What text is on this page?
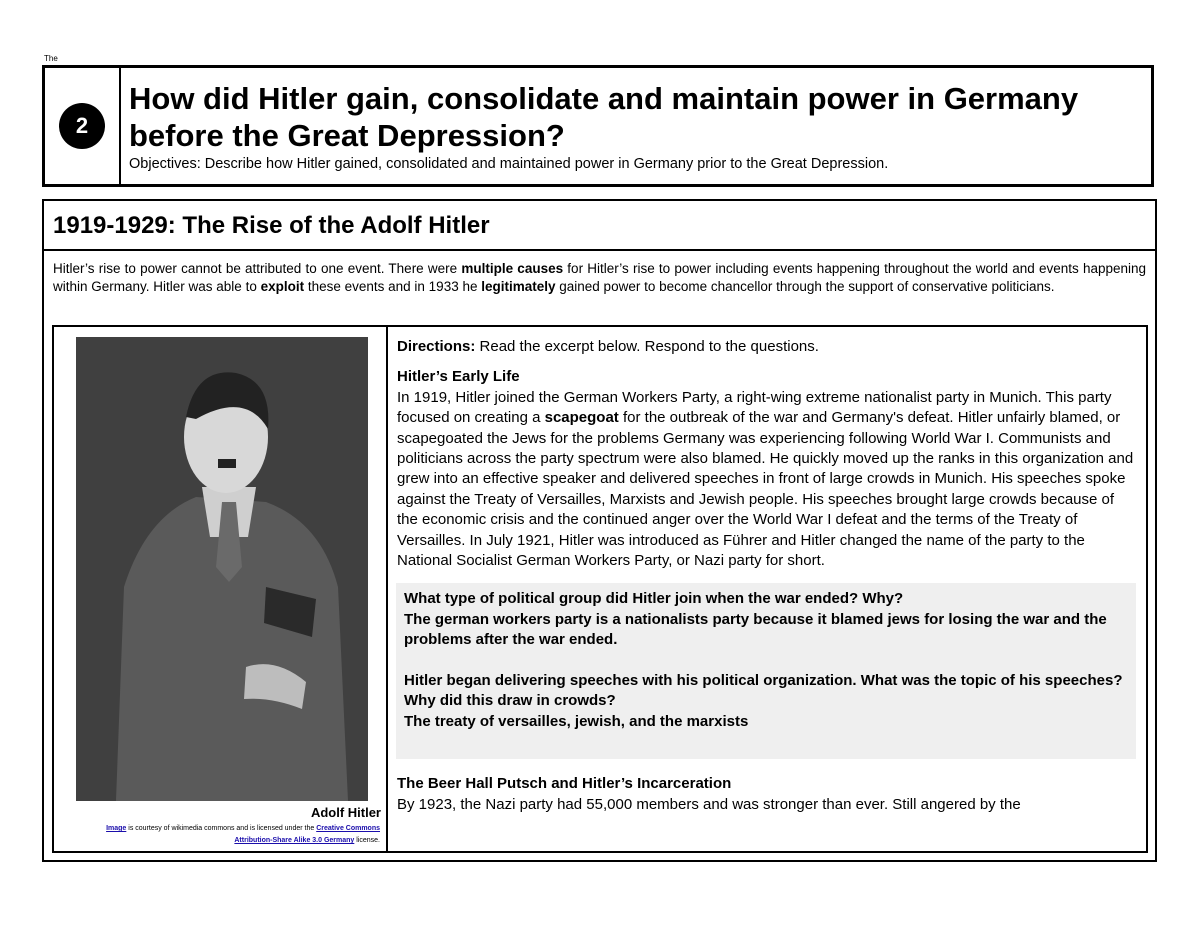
The
2
How did Hitler gain, consolidate and maintain power in Germany before the Great Depression?
Objectives: Describe how Hitler gained, consolidated and maintained power in Germany prior to the Great Depression.
1919-1929: The Rise of the Adolf Hitler
Hitler’s rise to power cannot be attributed to one event. There were multiple causes for Hitler’s rise to power including events happening throughout the world and events happening within Germany. Hitler was able to exploit these events and in 1933 he legitimately gained power to become chancellor through the support of conservative politicians.
Adolf Hitler
Image is courtesy of wikimedia commons and is licensed under the Creative Commons Attribution-Share Alike 3.0 Germany license.
Directions: Read the excerpt below. Respond to the questions.
Hitler’s Early Life
In 1919, Hitler joined the German Workers Party, a right-wing extreme nationalist party in Munich. This party focused on creating a scapegoat for the outbreak of the war and Germany's defeat. Hitler unfairly blamed, or scapegoated the Jews for the problems Germany was experiencing following World War I. Communists and politicians across the party spectrum were also blamed. He quickly moved up the ranks in this organization and grew into an effective speaker and delivered speeches in front of large crowds in Munich. His speeches spoke against the Treaty of Versailles, Marxists and Jewish people. His speeches brought large crowds because of the economic crisis and the continued anger over the World War I defeat and the terms of the Treaty of Versailles. In July 1921, Hitler was introduced as Führer and Hitler changed the name of the party to the National Socialist German Workers Party, or Nazi party for short.
What type of political group did Hitler join when the war ended? Why?
The german workers party is a nationalists party because it blamed jews for losing the war and the problems after the war ended.
Hitler began delivering speeches with his political organization. What was the topic of his speeches? Why did this draw in crowds?
The treaty of versailles, jewish, and the marxists
The Beer Hall Putsch and Hitler’s Incarceration
By 1923, the Nazi party had 55,000 members and was stronger than ever. Still angered by the
